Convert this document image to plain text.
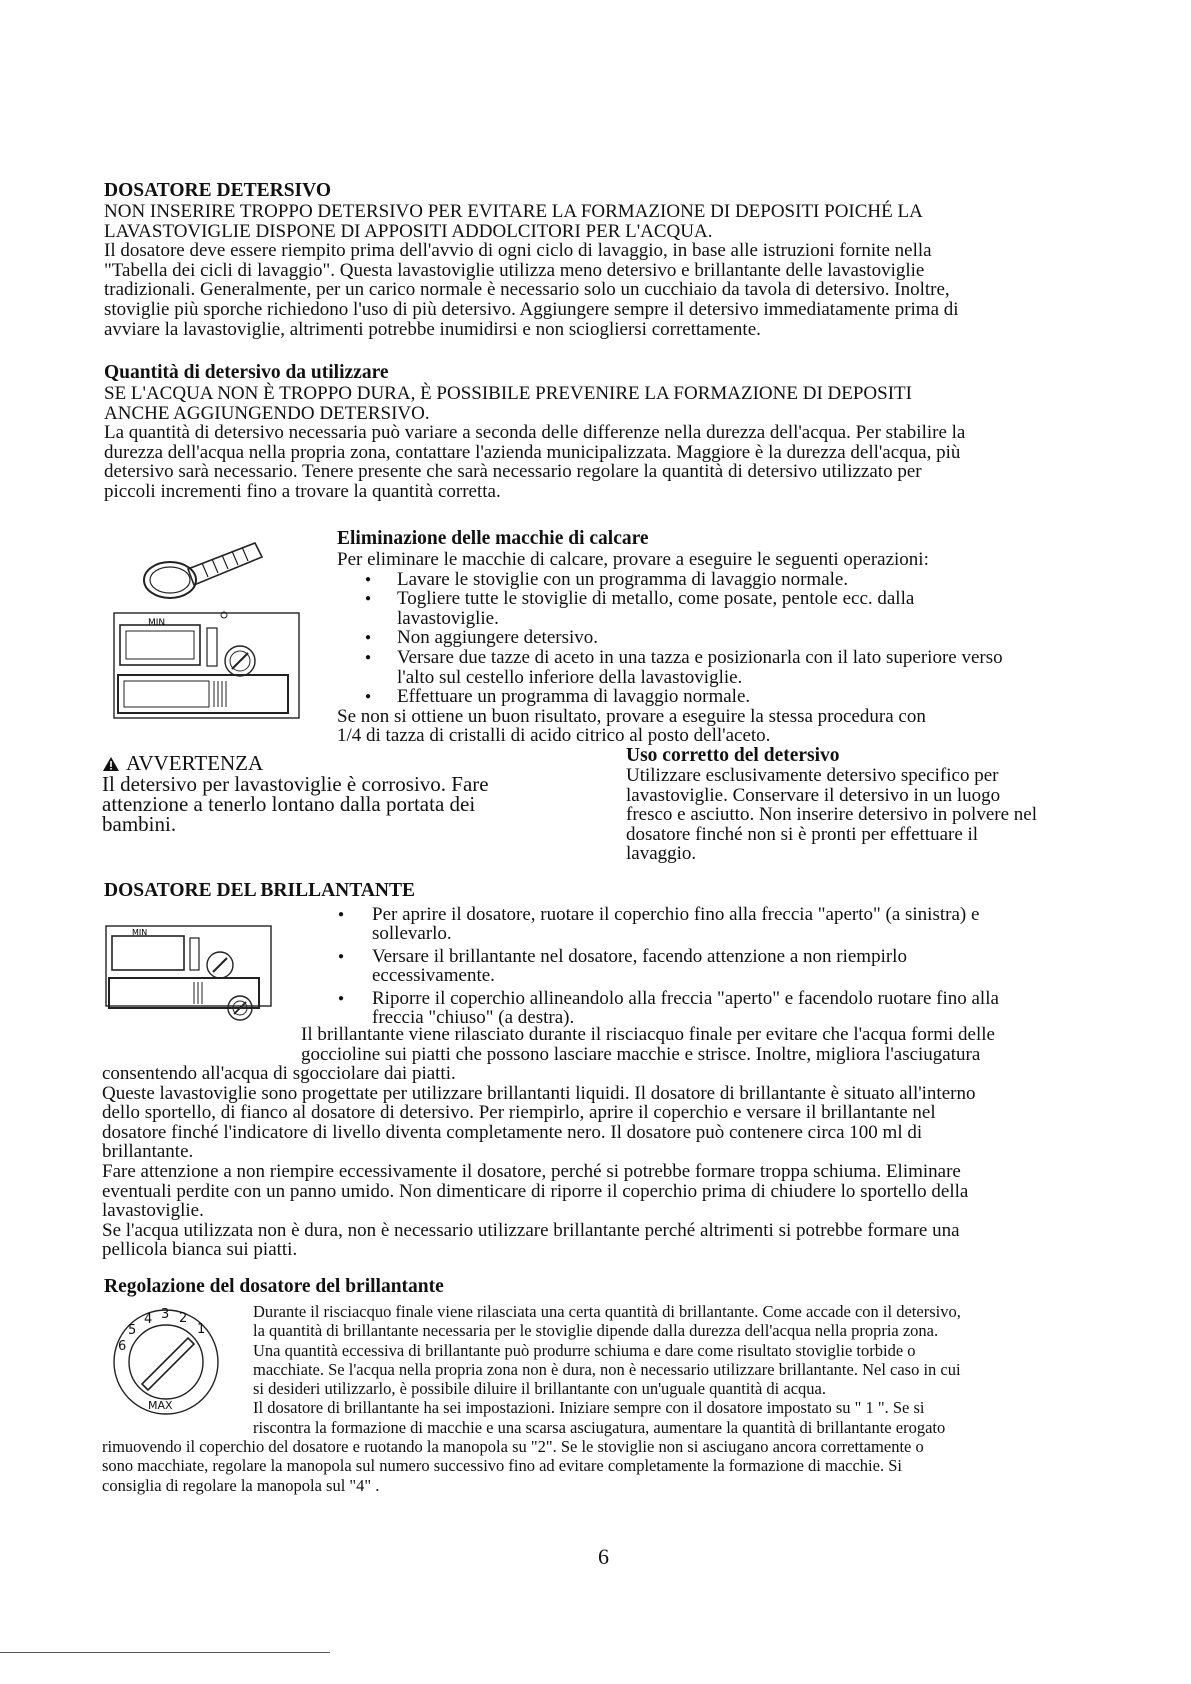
DOSATORE DETERSIVO
NON INSERIRE TROPPO DETERSIVO PER EVITARE LA FORMAZIONE DI DEPOSITI POICHÉ LA
LAVASTOVIGLIE DISPONE DI APPOSITI ADDOLCITORI PER L'ACQUA.
Il dosatore deve essere riempito prima dell'avvio di ogni ciclo di lavaggio, in base alle istruzioni fornite nella
"Tabella dei cicli di lavaggio". Questa lavastoviglie utilizza meno detersivo e brillantante delle lavastoviglie
tradizionali. Generalmente, per un carico normale è necessario solo un cucchiaio da tavola di detersivo. Inoltre,
stoviglie più sporche richiedono l'uso di più detersivo. Aggiungere sempre il detersivo immediatamente prima di
avviare la lavastoviglie, altrimenti potrebbe inumidirsi e non sciogliersi correttamente.
Quantità di detersivo da utilizzare
SE L'ACQUA NON È TROPPO DURA, È POSSIBILE PREVENIRE LA FORMAZIONE DI DEPOSITI
ANCHE AGGIUNGENDO DETERSIVO.
La quantità di detersivo necessaria può variare a seconda delle differenze nella durezza dell'acqua. Per stabilire la
durezza dell'acqua nella propria zona, contattare l'azienda municipalizzata. Maggiore è la durezza dell'acqua, più
detersivo sarà necessario. Tenere presente che sarà necessario regolare la quantità di detersivo utilizzato per
piccoli incrementi fino a trovare la quantità corretta.
MIN
Eliminazione delle macchie di calcare
Per eliminare le macchie di calcare, provare a eseguire le seguenti operazioni:
● Lavare le stoviglie con un programma di lavaggio normale.
● Togliere tutte le stoviglie di metallo, come posate, pentole ecc. dalla
lavastoviglie.
● Non aggiungere detersivo.
● Versare due tazze di aceto in una tazza e posizionarla con il lato superiore verso
l'alto sul cestello inferiore della lavastoviglie.
● Effettuare un programma di lavaggio normale.
Se non si ottiene un buon risultato, provare a eseguire la stessa procedura con
1/4 di tazza di cristalli di acido citrico al posto dell'aceto.
AVVERTENZA
Il detersivo per lavastoviglie è corrosivo. Fare
attenzione a tenerlo lontano dalla portata dei
bambini.
Uso corretto del detersivo
Utilizzare esclusivamente detersivo specifico per
lavastoviglie. Conservare il detersivo in un luogo
fresco e asciutto. Non inserire detersivo in polvere nel
dosatore finché non si è pronti per effettuare il
lavaggio.
DOSATORE DEL BRILLANTANTE
MIN
● Per aprire il dosatore, ruotare il coperchio fino alla freccia "aperto" (a sinistra) e
sollevarlo.
● Versare il brillantante nel dosatore, facendo attenzione a non riempirlo
eccessivamente.
● Riporre il coperchio allineandolo alla freccia "aperto" e facendolo ruotare fino alla
freccia "chiuso" (a destra).
Il brillantante viene rilasciato durante il risciacquo finale per evitare che l'acqua formi delle
goccioline sui piatti che possono lasciare macchie e strisce. Inoltre, migliora l'asciugatura
consentendo all'acqua di sgocciolare dai piatti.
Queste lavastoviglie sono progettate per utilizzare brillantanti liquidi. Il dosatore di brillantante è situato all'interno
dello sportello, di fianco al dosatore di detersivo. Per riempirlo, aprire il coperchio e versare il brillantante nel
dosatore finché l'indicatore di livello diventa completamente nero. Il dosatore può contenere circa 100 ml di
brillantante.
Fare attenzione a non riempire eccessivamente il dosatore, perché si potrebbe formare troppa schiuma. Eliminare
eventuali perdite con un panno umido. Non dimenticare di riporre il coperchio prima di chiudere lo sportello della
lavastoviglie.
Se l'acqua utilizzata non è dura, non è necessario utilizzare brillantante perché altrimenti si potrebbe formare una
pellicola bianca sui piatti.
Regolazione del dosatore del brillantante
1
2
3
4
5
6
MAX
Durante il risciacquo finale viene rilasciata una certa quantità di brillantante. Come accade con il detersivo,
la quantità di brillantante necessaria per le stoviglie dipende dalla durezza dell'acqua nella propria zona.
Una quantità eccessiva di brillantante può produrre schiuma e dare come risultato stoviglie torbide o
macchiate. Se l'acqua nella propria zona non è dura, non è necessario utilizzare brillantante. Nel caso in cui
si desideri utilizzarlo, è possibile diluire il brillantante con un'uguale quantità di acqua.
Il dosatore di brillantante ha sei impostazioni. Iniziare sempre con il dosatore impostato su " 1 ". Se si
riscontra la formazione di macchie e una scarsa asciugatura, aumentare la quantità di brillantante erogato
rimuovendo il coperchio del dosatore e ruotando la manopola su "2". Se le stoviglie non si asciugano ancora correttamente o
sono macchiate, regolare la manopola sul numero successivo fino ad evitare completamente la formazione di macchie. Si
consiglia di regolare la manopola sul "4" .
6
